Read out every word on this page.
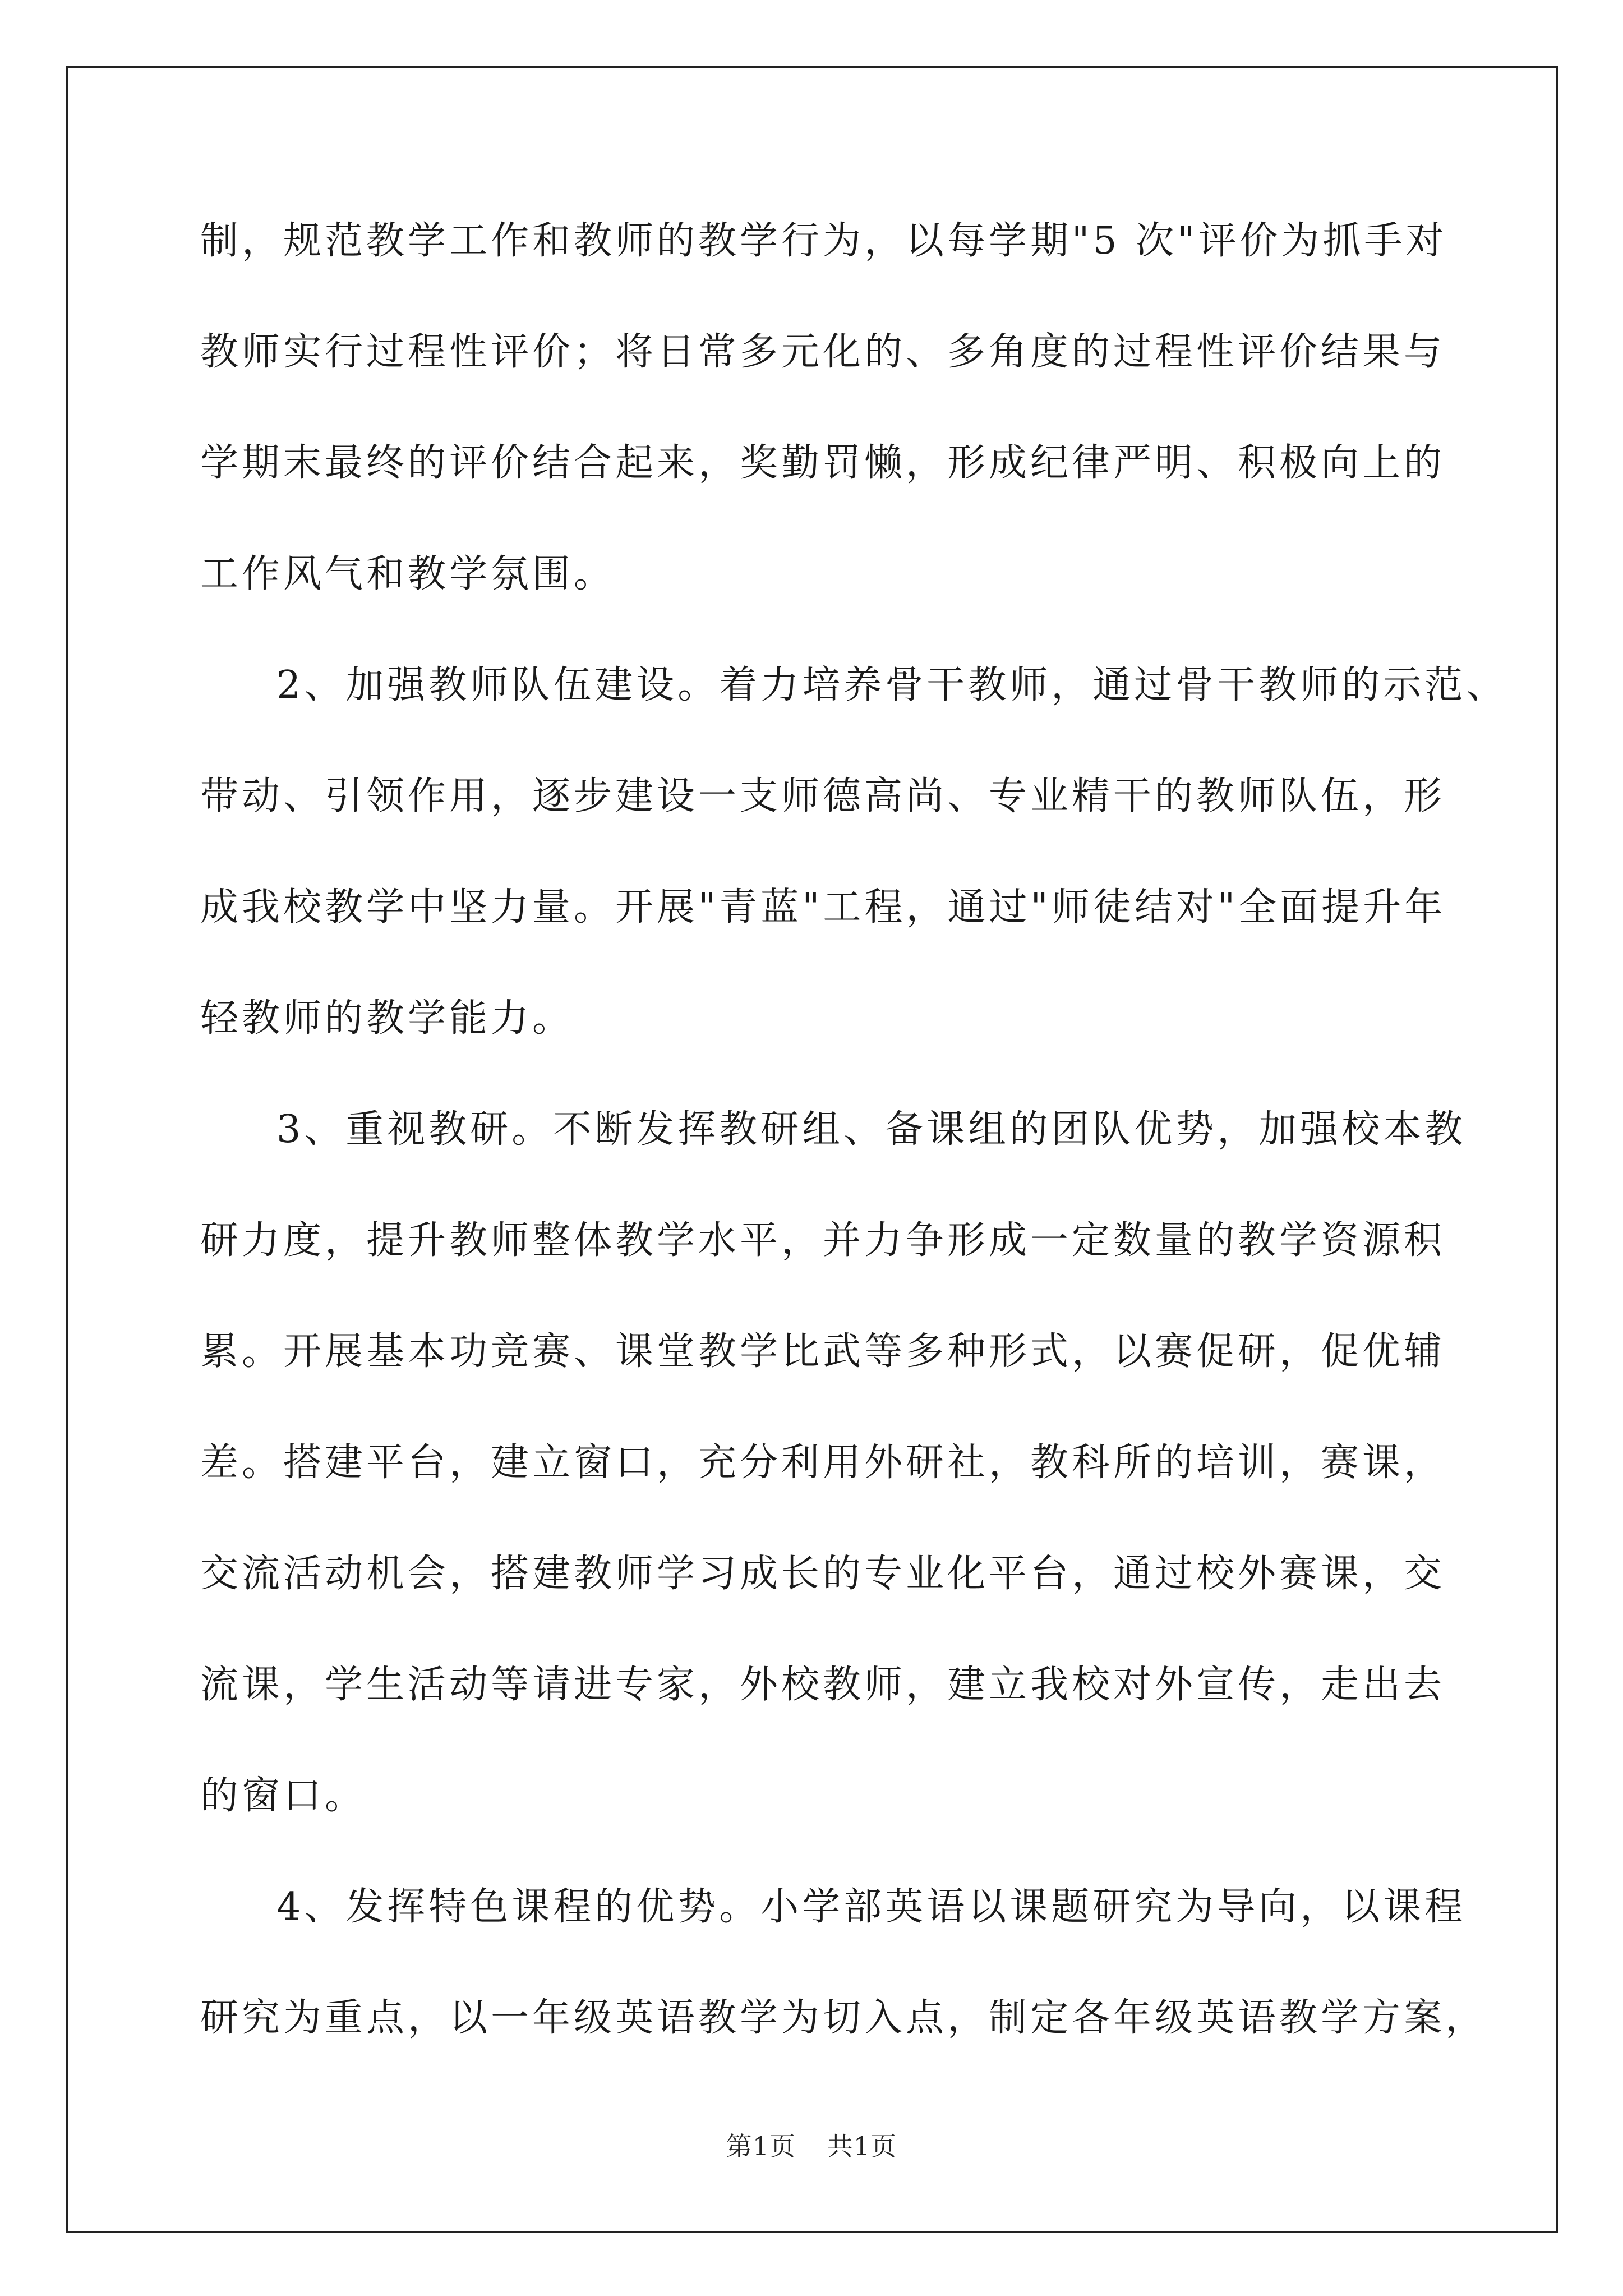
制，规范教学工作和教师的教学行为，以每学期"5 次"评价为抓手对
教师实行过程性评价；将日常多元化的、多角度的过程性评价结果与
学期末最终的评价结合起来，奖勤罚懒，形成纪律严明、积极向上的
工作风气和教学氛围。
2、加强教师队伍建设。着力培养骨干教师，通过骨干教师的示范、
带动、引领作用，逐步建设一支师德高尚、专业精干的教师队伍，形
成我校教学中坚力量。开展"青蓝"工程，通过"师徒结对"全面提升年
轻教师的教学能力。
3、重视教研。不断发挥教研组、备课组的团队优势，加强校本教
研力度，提升教师整体教学水平，并力争形成一定数量的教学资源积
累。开展基本功竞赛、课堂教学比武等多种形式，以赛促研，促优辅
差。搭建平台，建立窗口，充分利用外研社，教科所的培训，赛课，
交流活动机会，搭建教师学习成长的专业化平台，通过校外赛课，交
流课，学生活动等请进专家，外校教师，建立我校对外宣传，走出去
的窗口。
4、发挥特色课程的优势。小学部英语以课题研究为导向，以课程
研究为重点，以一年级英语教学为切入点，制定各年级英语教学方案，
第1页 共1页
